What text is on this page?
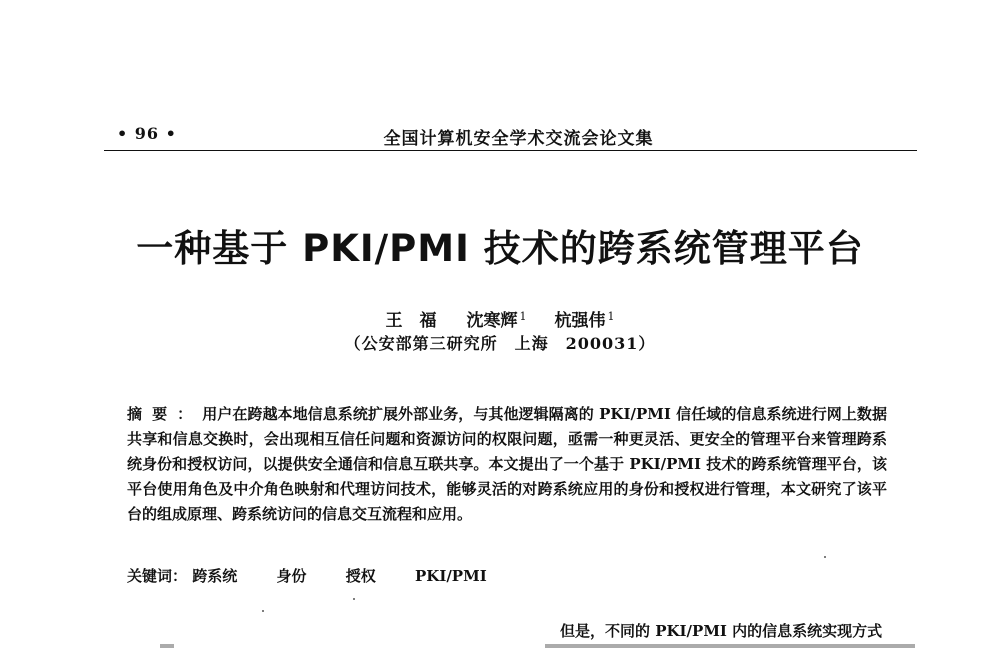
• 96 •	全国计算机安全学术交流会论文集
一种基于 PKI/PMI 技术的跨系统管理平台
王　福 沈寒辉 $^1$ 杭强伟 $^1$
（公安部第三研究所　上海　200031）
摘要：用户在跨越本地信息系统扩展外部业务，与其他逻辑隔离的 PKI/PMI 信任域的信息系统进行网上数据共享和信息交换时，会出现相互信任问题和资源访问的权限问题，亟需一种更灵活、更安全的管理平台来管理跨系统身份和授权访问，以提供安全通信和信息互联共享。本文提出了一个基于 PKI/PMI 技术的跨系统管理平台，该平台使用角色及中介角色映射和代理访问技术，能够灵活的对跨系统应用的身份和授权进行管理，本文研究了该平台的组成原理、跨系统访问的信息交互流程和应用。
关键词： 跨系统	身份	授权	PKI/PMI
但是，不同的 PKI/PMI 内的信息系统实现方式
